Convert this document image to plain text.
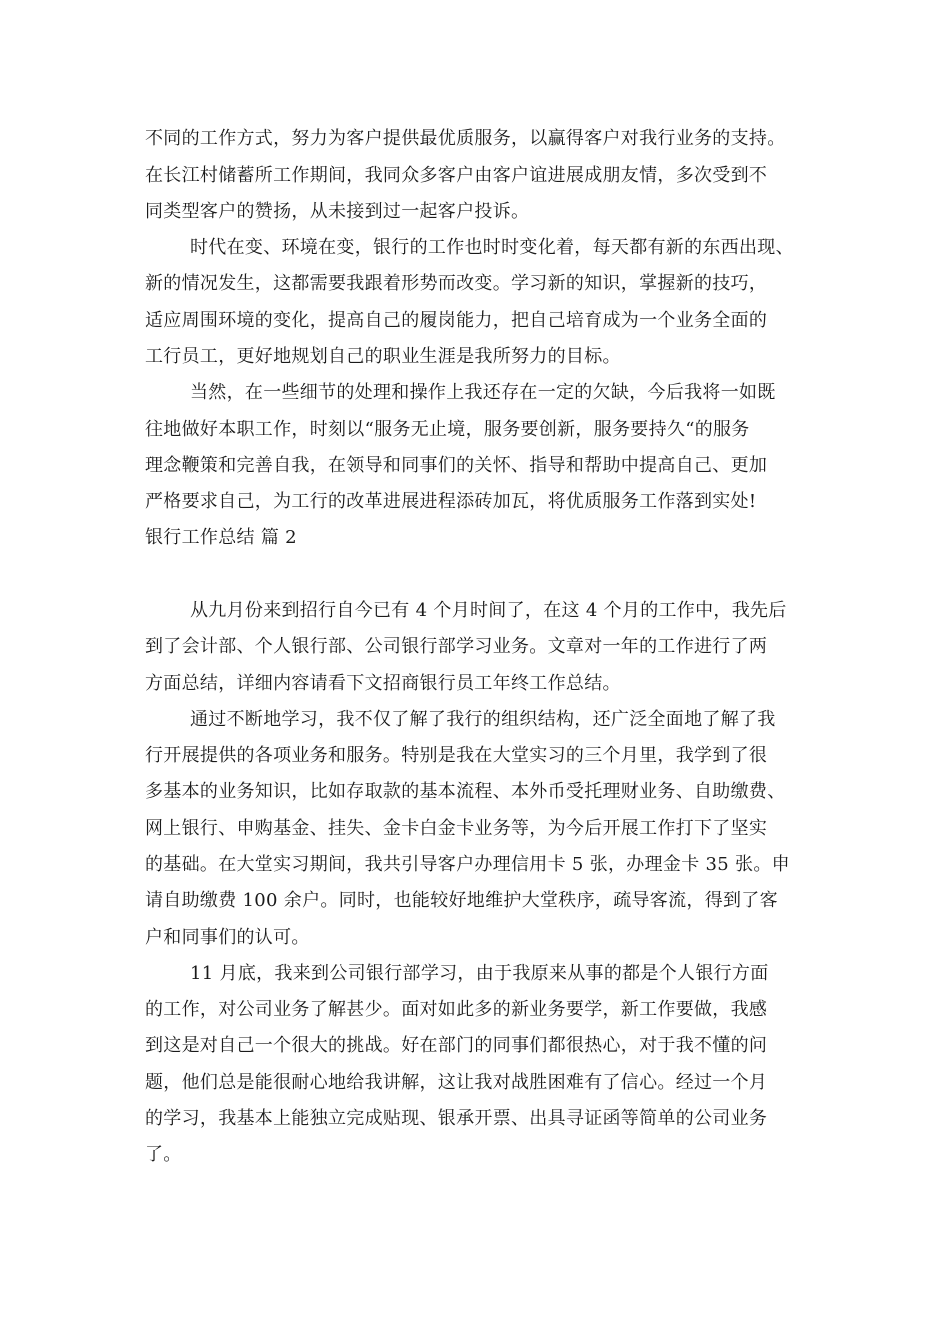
不同的工作方式，努力为客户提供最优质服务，以赢得客户对我行业务的支持。
在长江村储蓄所工作期间，我同众多客户由客户谊进展成朋友情，多次受到不
同类型客户的赞扬，从未接到过一起客户投诉。
时代在变、环境在变，银行的工作也时时变化着，每天都有新的东西出现、
新的情况发生，这都需要我跟着形势而改变。学习新的知识，掌握新的技巧，
适应周围环境的变化，提高自己的履岗能力，把自己培育成为一个业务全面的
工行员工，更好地规划自己的职业生涯是我所努力的目标。
当然，在一些细节的处理和操作上我还存在一定的欠缺，今后我将一如既
往地做好本职工作，时刻以“服务无止境，服务要创新，服务要持久“的服务
理念鞭策和完善自我，在领导和同事们的关怀、指导和帮助中提高自己、更加
严格要求自己，为工行的改革进展进程添砖加瓦，将优质服务工作落到实处!
银行工作总结 篇 2
从九月份来到招行自今已有 4 个月时间了，在这 4 个月的工作中，我先后
到了会计部、个人银行部、公司银行部学习业务。文章对一年的工作进行了两
方面总结，详细内容请看下文招商银行员工年终工作总结。
通过不断地学习，我不仅了解了我行的组织结构，还广泛全面地了解了我
行开展提供的各项业务和服务。特别是我在大堂实习的三个月里，我学到了很
多基本的业务知识，比如存取款的基本流程、本外币受托理财业务、自助缴费、
网上银行、申购基金、挂失、金卡白金卡业务等，为今后开展工作打下了坚实
的基础。在大堂实习期间，我共引导客户办理信用卡 5 张，办理金卡 35 张。申
请自助缴费 100 余户。同时，也能较好地维护大堂秩序，疏导客流，得到了客
户和同事们的认可。
11 月底，我来到公司银行部学习，由于我原来从事的都是个人银行方面
的工作，对公司业务了解甚少。面对如此多的新业务要学，新工作要做，我感
到这是对自己一个很大的挑战。好在部门的同事们都很热心，对于我不懂的问
题，他们总是能很耐心地给我讲解，这让我对战胜困难有了信心。经过一个月
的学习，我基本上能独立完成贴现、银承开票、出具寻证函等简单的公司业务
了。
